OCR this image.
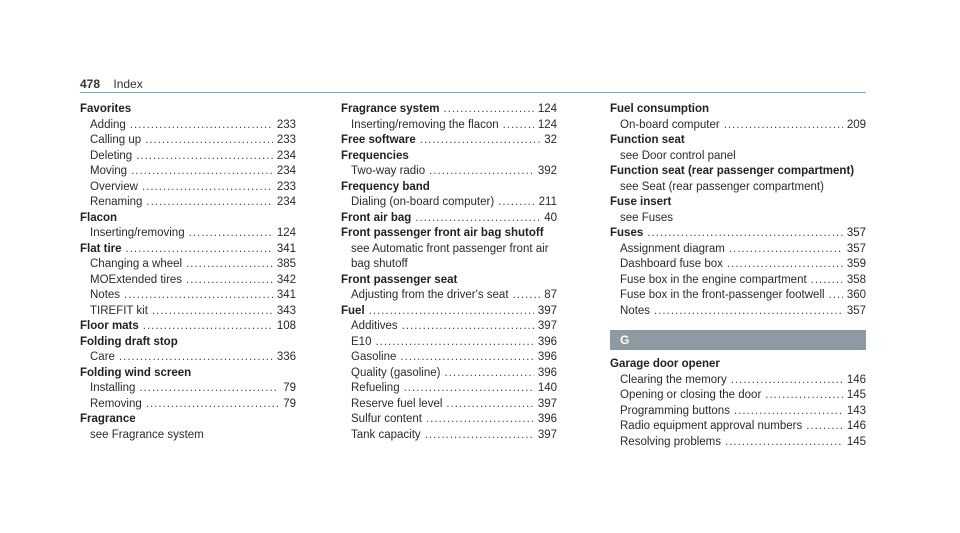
478 Index
Favorites
Adding .....	233
Calling up .....	233
Deleting .....	234
Moving .....	234
Overview .....	233
Renaming .....	234
Flacon
Inserting/removing .....	124
Flat tire .....	341
Changing a wheel .....	385
MOExtended tires .....	342
Notes .....	341
TIREFIT kit .....	343
Floor mats .....	108
Folding draft stop
Care .....	336
Folding wind screen
Installing .....	79
Removing .....	79
Fragrance
see Fragrance system
Fragrance system .....	124
Inserting/removing the flacon .....	124
Free software .....	32
Frequencies
Two-way radio .....	392
Frequency band
Dialing (on-board computer) .....	211
Front air bag .....	40
Front passenger front air bag shutoff
see Automatic front passenger front air bag shutoff
Front passenger seat
Adjusting from the driver's seat .....	87
Fuel .....	397
Additives .....	397
E10 .....	396
Gasoline .....	396
Quality (gasoline) .....	396
Refueling .....	140
Reserve fuel level .....	397
Sulfur content .....	396
Tank capacity .....	397
Fuel consumption
On-board computer .....	209
Function seat
see Door control panel
Function seat (rear passenger compartment)
see Seat (rear passenger compartment)
Fuse insert
see Fuses
Fuses .....	357
Assignment diagram .....	357
Dashboard fuse box .....	359
Fuse box in the engine compartment .....	358
Fuse box in the front-passenger footwell ..... 360
Notes .....	357
G
Garage door opener
Clearing the memory .....	146
Opening or closing the door .....	145
Programming buttons .....	143
Radio equipment approval numbers .....	146
Resolving problems .....	145
